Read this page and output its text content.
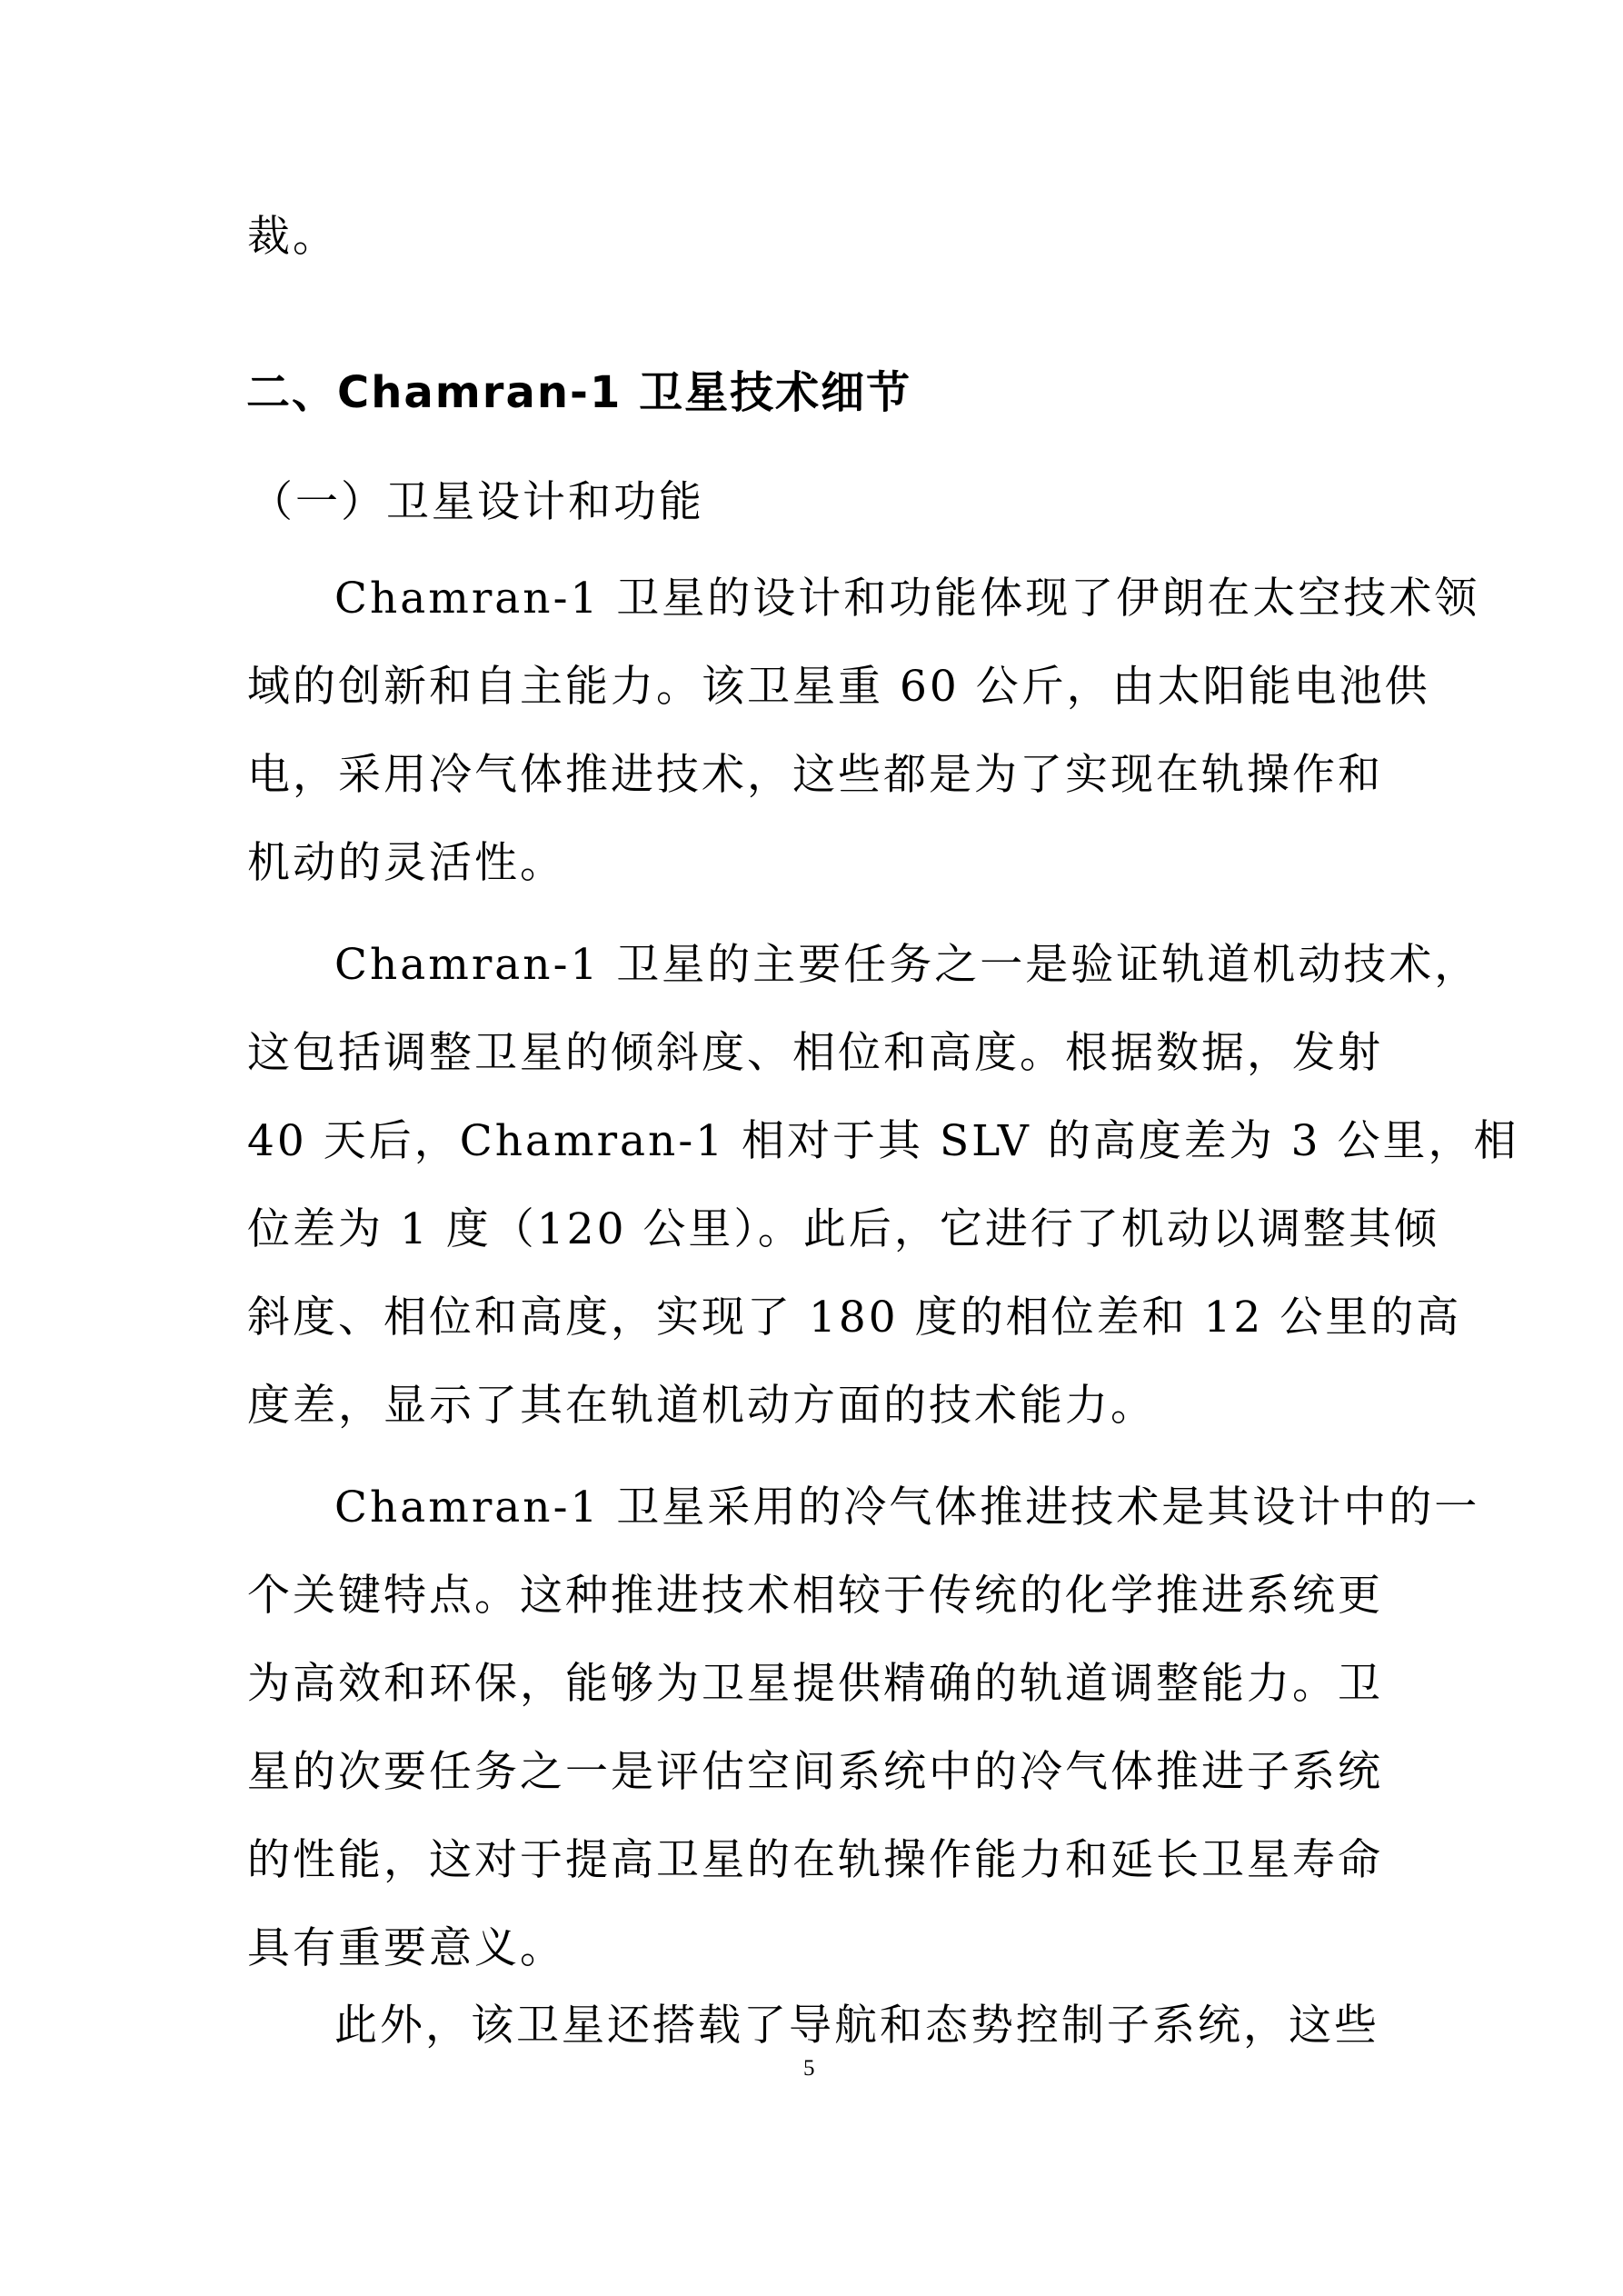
裁。
二、Chamran-1 卫星技术细节
（一）卫星设计和功能
Chamran-1 卫星的设计和功能体现了伊朗在太空技术领
域的创新和自主能力。该卫星重 60 公斤，由太阳能电池供
电，采用冷气体推进技术，这些都是为了实现在轨操作和
机动的灵活性。
Chamran-1 卫星的主要任务之一是验证轨道机动技术，
这包括调整卫星的倾斜度、相位和高度。根据数据，发射
40 天后，Chamran-1 相对于其 SLV 的高度差为 3 公里，相
位差为 1 度（120 公里）。此后，它进行了机动以调整其倾
斜度、相位和高度，实现了 180 度的相位差和 12 公里的高
度差，显示了其在轨道机动方面的技术能力。
Chamran-1 卫星采用的冷气体推进技术是其设计中的一
个关键特点。这种推进技术相较于传统的化学推进系统更
为高效和环保，能够为卫星提供精确的轨道调整能力。卫
星的次要任务之一是评估空间系统中的冷气体推进子系统
的性能，这对于提高卫星的在轨操作能力和延长卫星寿命
具有重要意义。
此外，该卫星还搭载了导航和态势控制子系统，这些
5
